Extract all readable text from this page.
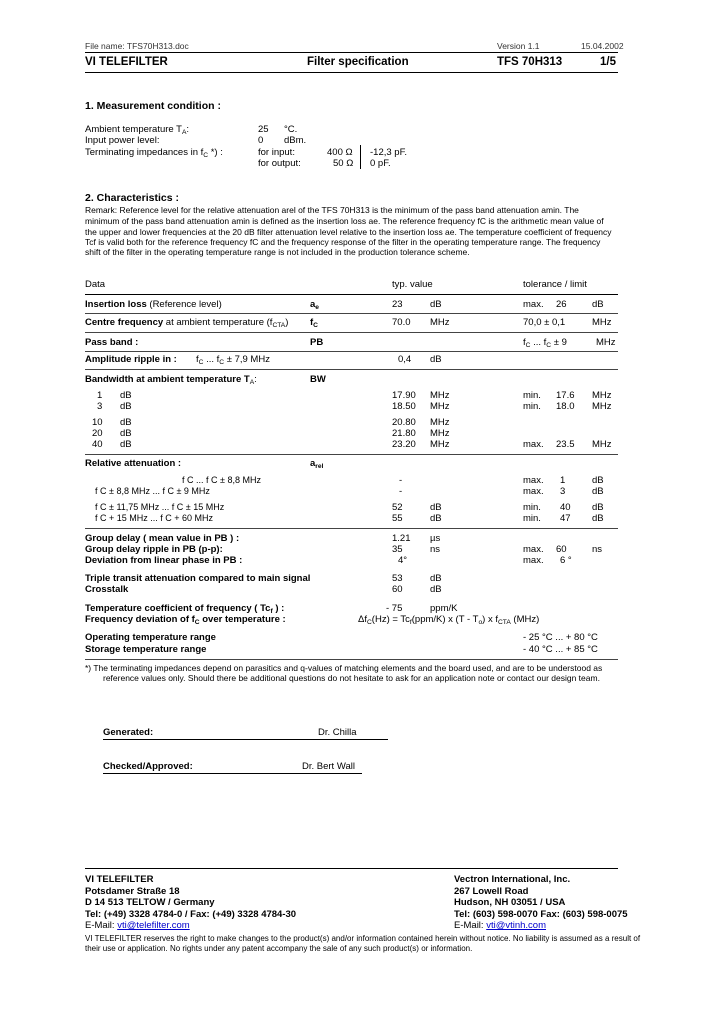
File name: TFS70H313.doc	Version 1.1	15.04.2002
VI TELEFILTER	Filter specification	TFS 70H313	1/5
1. Measurement condition :
Ambient temperature $T_A$:	25 °C.
Input power level:	0 dBm.
Terminating impedances in $f_C$ *) :	for input:	400 Ω -12,3 pF.
for output:	50 Ω 0 pF.
2. Characteristics :
Remark: Reference level for the relative attenuation arel of the TFS 70H313 is the minimum of the pass band attenuation amin. The
minimum of the pass band attenuation amin is defined as the insertion loss ae. The reference frequency fC is the arithmetic mean value of
the upper and lower frequencies at the 20 dB filter attenuation level relative to the insertion loss ae. The temperature coefficient of frequency
Tcf is valid both for the reference frequency fC and the frequency response of the filter in the operating temperature range. The frequency
shift of the filter in the operating temperature range is not included in the production tolerance scheme.
Data	typ. value	tolerance / limit
Insertion loss (Reference level)	$a_e$	23	dB	max. 26	dB
Centre frequency at ambient temperature $(f_{CTA})$ $f_C$	70.0 MHz	70,0 ± 0,1	MHz
Pass band :	PB	$f_C$ ... $f_C \pm 9$	MHz
Amplitude ripple in : $f_C$ ... $f_C \pm 7,9$ MHz	0,4 dB
Bandwidth at ambient temperature $T_A$:	BW
1 dB	17.90 MHz	min. 17.6 MHz
3 dB	18.50 MHz	min. 18.0 MHz
10 dB	20.80 MHz
20 dB	21.80 MHz
40 dB	23.20 MHz	max. 23.5 MHz
Relative attenuation :	$a_{rel}$
f C ... f C ± 8,8 MHz	-	max. 1	dB
f C ± 8,8 MHz ... f C ± 9 MHz	-	max. 3	dB
f C ± 11,75 MHz ... f C ± 15 MHz	52	dB	min. 40 dB
f C + 15 MHz ... f C + 60 MHz	55	dB	min. 47 dB
Group delay ( mean value in PB ) :	1.21 µs
Group delay ripple in PB (p-p):	35	ns	max. 60	ns
Deviation from linear phase in PB :	4°	max. 6 °
Triple transit attenuation compared to main signal	53	dB
Crosstalk	60	dB
Temperature coefficient of frequency ( $Tc_f$ ) :	- 75	ppm/K
Frequency deviation of $f_C$ over temperature :	$\Delta f_C(Hz) = Tc_f(ppm/K)$ x $(T - T_o)$ x $f_{CTA}$ (MHz)
Operating temperature range	- 25 °C ... + 80 °C
Storage temperature range	- 40 °C ... + 85 °C
*) The terminating impedances depend on parasitics and q-values of matching elements and the board used, and are to be understood as
reference values only. Should there be additional questions do not hesitate to ask for an application note or contact our design team.
Generated:	Dr. Chilla
Checked/Approved:	Dr. Bert Wall
VI TELEFILTER
Potsdamer Straße 18
D 14 513 TELTOW / Germany
Tel: (+49) 3328 4784-0 / Fax: (+49) 3328 4784-30
E-Mail: vti@telefilter.com
Vectron International, Inc.
267 Lowell Road
Hudson, NH 03051 / USA
Tel: (603) 598-0070 Fax: (603) 598-0075
E-Mail: vti@vtinh.com
VI TELEFILTER reserves the right to make changes to the product(s) and/or information contained herein without notice. No liability is assumed as a result of
their use or application. No rights under any patent accompany the sale of any such product(s) or information.
